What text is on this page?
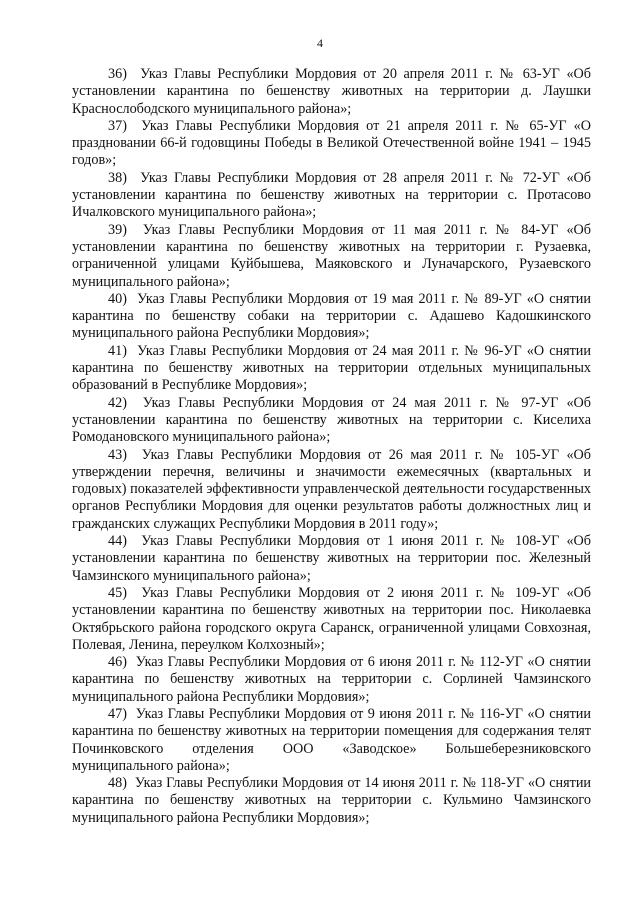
4

36) Указ Главы Республики Мордовия от 20 апреля 2011 г. № 63-УГ «Об установлении карантина по бешенству животных на территории д. Лаушки Краснослободского муниципального района»;

37) Указ Главы Республики Мордовия от 21 апреля 2011 г. № 65-УГ «О праздновании 66-й годовщины Победы в Великой Отечественной войне 1941 – 1945 годов»;

38) Указ Главы Республики Мордовия от 28 апреля 2011 г. № 72-УГ «Об установлении карантина по бешенству животных на территории с. Протасово Ичалковского муниципального района»;

39) Указ Главы Республики Мордовия от 11 мая 2011 г. № 84-УГ «Об установлении карантина по бешенству животных на территории г. Рузаевка, ограниченной улицами Куйбышева, Маяковского и Луначарского, Рузаевского муниципального района»;

40) Указ Главы Республики Мордовия от 19 мая 2011 г. № 89-УГ «О снятии карантина по бешенству собаки на территории с. Адашево Кадошкинского муниципального района Республики Мордовия»;

41) Указ Главы Республики Мордовия от 24 мая 2011 г. № 96-УГ «О снятии карантина по бешенству животных на территории отдельных муниципальных образований в Республике Мордовия»;

42) Указ Главы Республики Мордовия от 24 мая 2011 г. № 97-УГ «Об установлении карантина по бешенству животных на территории с. Киселиха Ромодановского муниципального района»;

43) Указ Главы Республики Мордовия от 26 мая 2011 г. № 105-УГ «Об утверждении перечня, величины и значимости ежемесячных (квартальных и годовых) показателей эффективности управленческой деятельности государственных органов Республики Мордовия для оценки результатов работы должностных лиц и гражданских служащих Республики Мордовия в 2011 году»;

44) Указ Главы Республики Мордовия от 1 июня 2011 г. № 108-УГ «Об установлении карантина по бешенству животных на территории пос. Железный Чамзинского муниципального района»;

45) Указ Главы Республики Мордовия от 2 июня 2011 г. № 109-УГ «Об установлении карантина по бешенству животных на территории пос. Николаевка Октябрьского района городского округа Саранск, ограниченной улицами Совхозная, Полевая, Ленина, переулком Колхозный»;

46) Указ Главы Республики Мордовия от 6 июня 2011 г. № 112-УГ «О снятии карантина по бешенству животных на территории с. Сорлиней Чамзинского муниципального района Республики Мордовия»;

47) Указ Главы Республики Мордовия от 9 июня 2011 г. № 116-УГ «О снятии карантина по бешенству животных на территории помещения для содержания телят Починковского отделения ООО «Заводское» Большеберезниковского муниципального района»;

48) Указ Главы Республики Мордовия от 14 июня 2011 г. № 118-УГ «О снятии карантина по бешенству животных на территории с. Кульмино Чамзинского муниципального района Республики Мордовия»;
